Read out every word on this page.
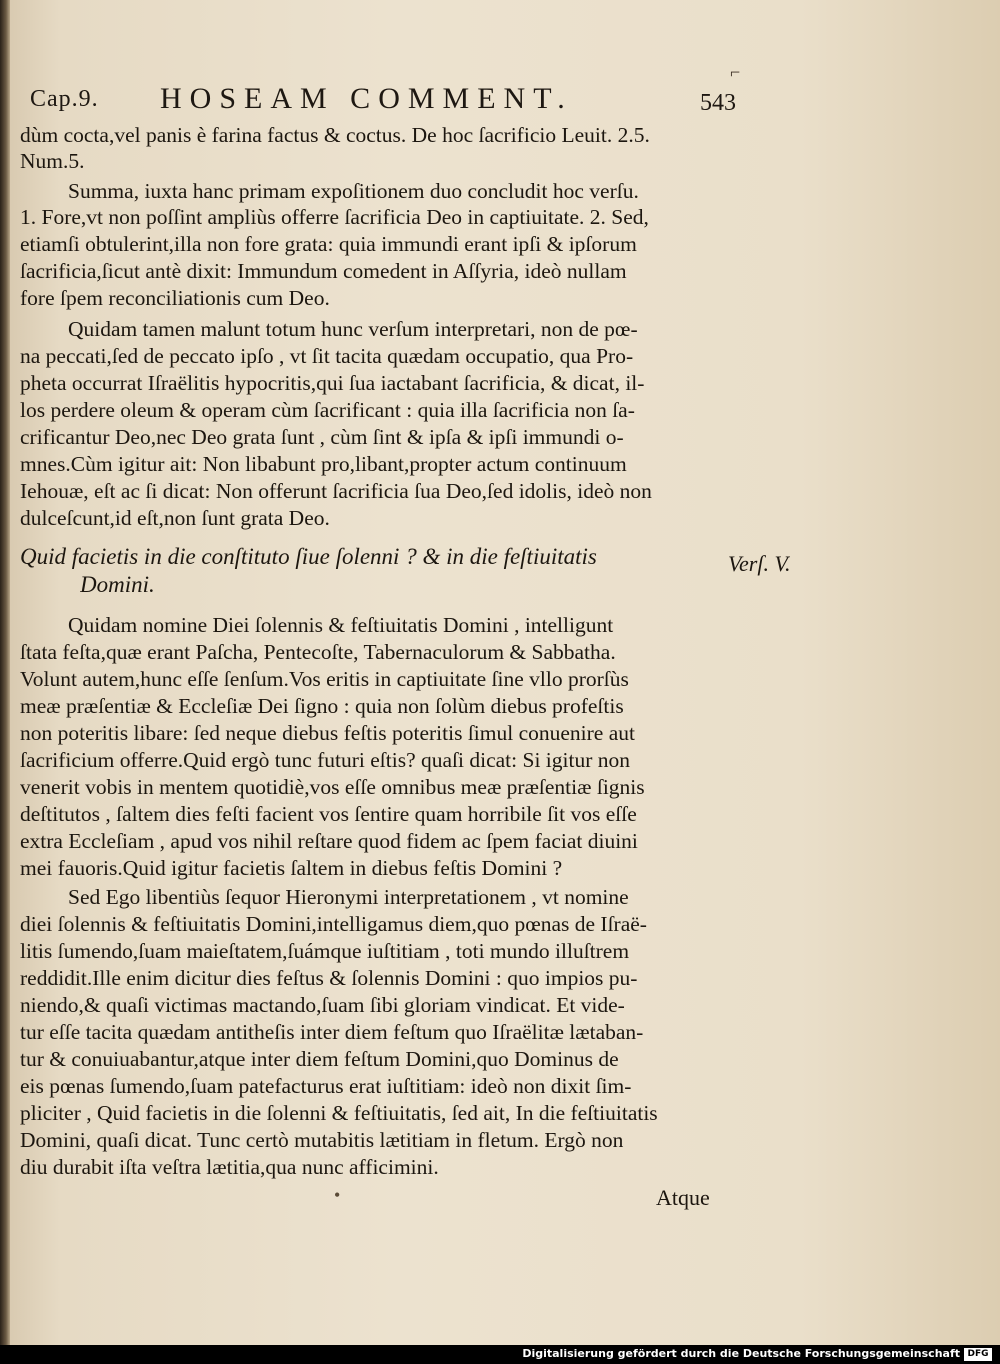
⌐
Cap.9. HOSEAM COMMENT.	543
dùm cocta,vel panis è farina factus & coctus. De hoc ſacrificio Leuit. 2.5.
Num.5.
Summa, iuxta hanc primam expoſitionem duo concludit hoc verſu.
1. Fore,vt non poſſint ampliùs offerre ſacrificia Deo in captiuitate. 2. Sed,
etiamſi obtulerint,illa non fore grata: quia immundi erant ipſi & ipſorum
ſacrificia,ſicut antè dixit: Immundum comedent in Aſſyria, ideò nullam
fore ſpem reconciliationis cum Deo.
Quidam tamen malunt totum hunc verſum interpretari, non de pœ-
na peccati,ſed de peccato ipſo , vt ſit tacita quædam occupatio, qua Pro-
pheta occurrat Iſraëlitis hypocritis,qui ſua iactabant ſacrificia, & dicat, il-
los perdere oleum & operam cùm ſacrificant : quia illa ſacrificia non ſa-
crificantur Deo,nec Deo grata ſunt , cùm ſint & ipſa & ipſi immundi o-
mnes.Cùm igitur ait: Non libabunt pro,libant,propter actum continuum
Iehouæ, eſt ac ſi dicat: Non offerunt ſacrificia ſua Deo,ſed idolis, ideò non
dulceſcunt,id eſt,non ſunt grata Deo.
Quid facietis in die conſtituto ſiue ſolenni ? & in die feſtiuitatis
Domini.
Verſ. V.
Quidam nomine Diei ſolennis & feſtiuitatis Domini , intelligunt
ſtata feſta,quæ erant Paſcha, Pentecoſte, Tabernaculorum & Sabbatha.
Volunt autem,hunc eſſe ſenſum.Vos eritis in captiuitate ſine vllo prorſùs
meæ præſentiæ & Eccleſiæ Dei ſigno : quia non ſolùm diebus profeſtis
non poteritis libare: ſed neque diebus feſtis poteritis ſimul conuenire aut
ſacrificium offerre.Quid ergò tunc futuri eſtis? quaſi dicat: Si igitur non
venerit vobis in mentem quotidiè,vos eſſe omnibus meæ præſentiæ ſignis
deſtitutos , ſaltem dies feſti facient vos ſentire quam horribile ſit vos eſſe
extra Eccleſiam , apud vos nihil reſtare quod fidem ac ſpem faciat diuini
mei fauoris.Quid igitur facietis ſaltem in diebus feſtis Domini ?
Sed Ego libentiùs ſequor Hieronymi interpretationem , vt nomine
diei ſolennis & feſtiuitatis Domini,intelligamus diem,quo pœnas de Iſraë-
litis ſumendo,ſuam maieſtatem,ſuámque iuſtitiam , toti mundo illuſtrem
reddidit.Ille enim dicitur dies feſtus & ſolennis Domini : quo impios pu-
niendo,& quaſi victimas mactando,ſuam ſibi gloriam vindicat. Et vide-
tur eſſe tacita quædam antitheſis inter diem feſtum quo Iſraëlitæ lætaban-
tur & conuiuabantur,atque inter diem feſtum Domini,quo Dominus de
eis pœnas ſumendo,ſuam patefacturus erat iuſtitiam: ideò non dixit ſim-
pliciter , Quid facietis in die ſolenni & feſtiuitatis, ſed ait, In die feſtiuitatis
Domini, quaſi dicat. Tunc certò mutabitis lætitiam in fletum. Ergò non
diu durabit iſta veſtra lætitia,qua nunc afficimini.
•	Atque
Digitalisierung gefördert durch die Deutsche Forschungsgemeinschaft DFG
